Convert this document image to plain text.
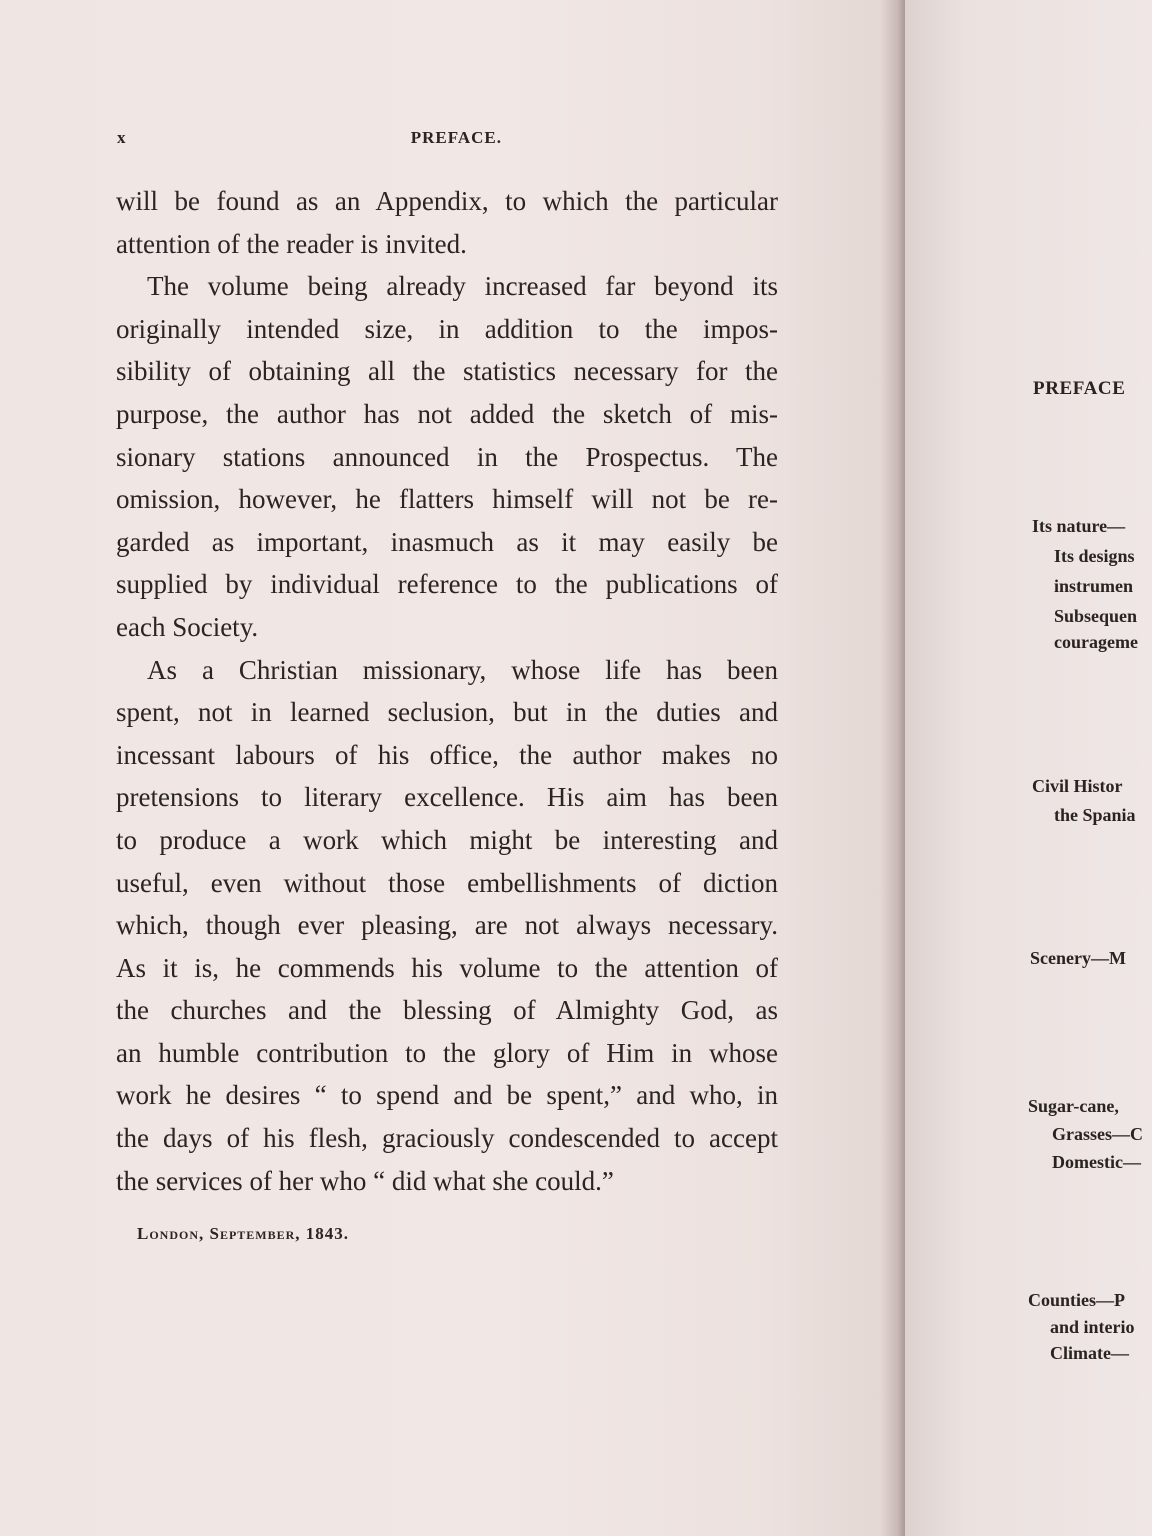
x	PREFACE.
will be found as an Appendix, to which the particular
attention of the reader is invited.
The volume being already increased far beyond its
originally intended size, in addition to the impos-
sibility of obtaining all the statistics necessary for the
purpose, the author has not added the sketch of mis-
sionary stations announced in the Prospectus. The
omission, however, he flatters himself will not be re-
garded as important, inasmuch as it may easily be
supplied by individual reference to the publications of
each Society.
As a Christian missionary, whose life has been
spent, not in learned seclusion, but in the duties and
incessant labours of his office, the author makes no
pretensions to literary excellence. His aim has been
to produce a work which might be interesting and
useful, even without those embellishments of diction
which, though ever pleasing, are not always necessary.
As it is, he commends his volume to the attention of
the churches and the blessing of Almighty God, as
an humble contribution to the glory of Him in whose
work he desires “ to spend and be spent,” and who, in
the days of his flesh, graciously condescended to accept
the services of her who “ did what she could.”
London, September, 1843.
PREFACE
Its nature—
Its designs
instrumen
Subsequen
courageme
Civil Histor
the Spania
Scenery—M
Sugar-cane,
Grasses—C
Domestic—
Counties—P
and interio
Climate—
